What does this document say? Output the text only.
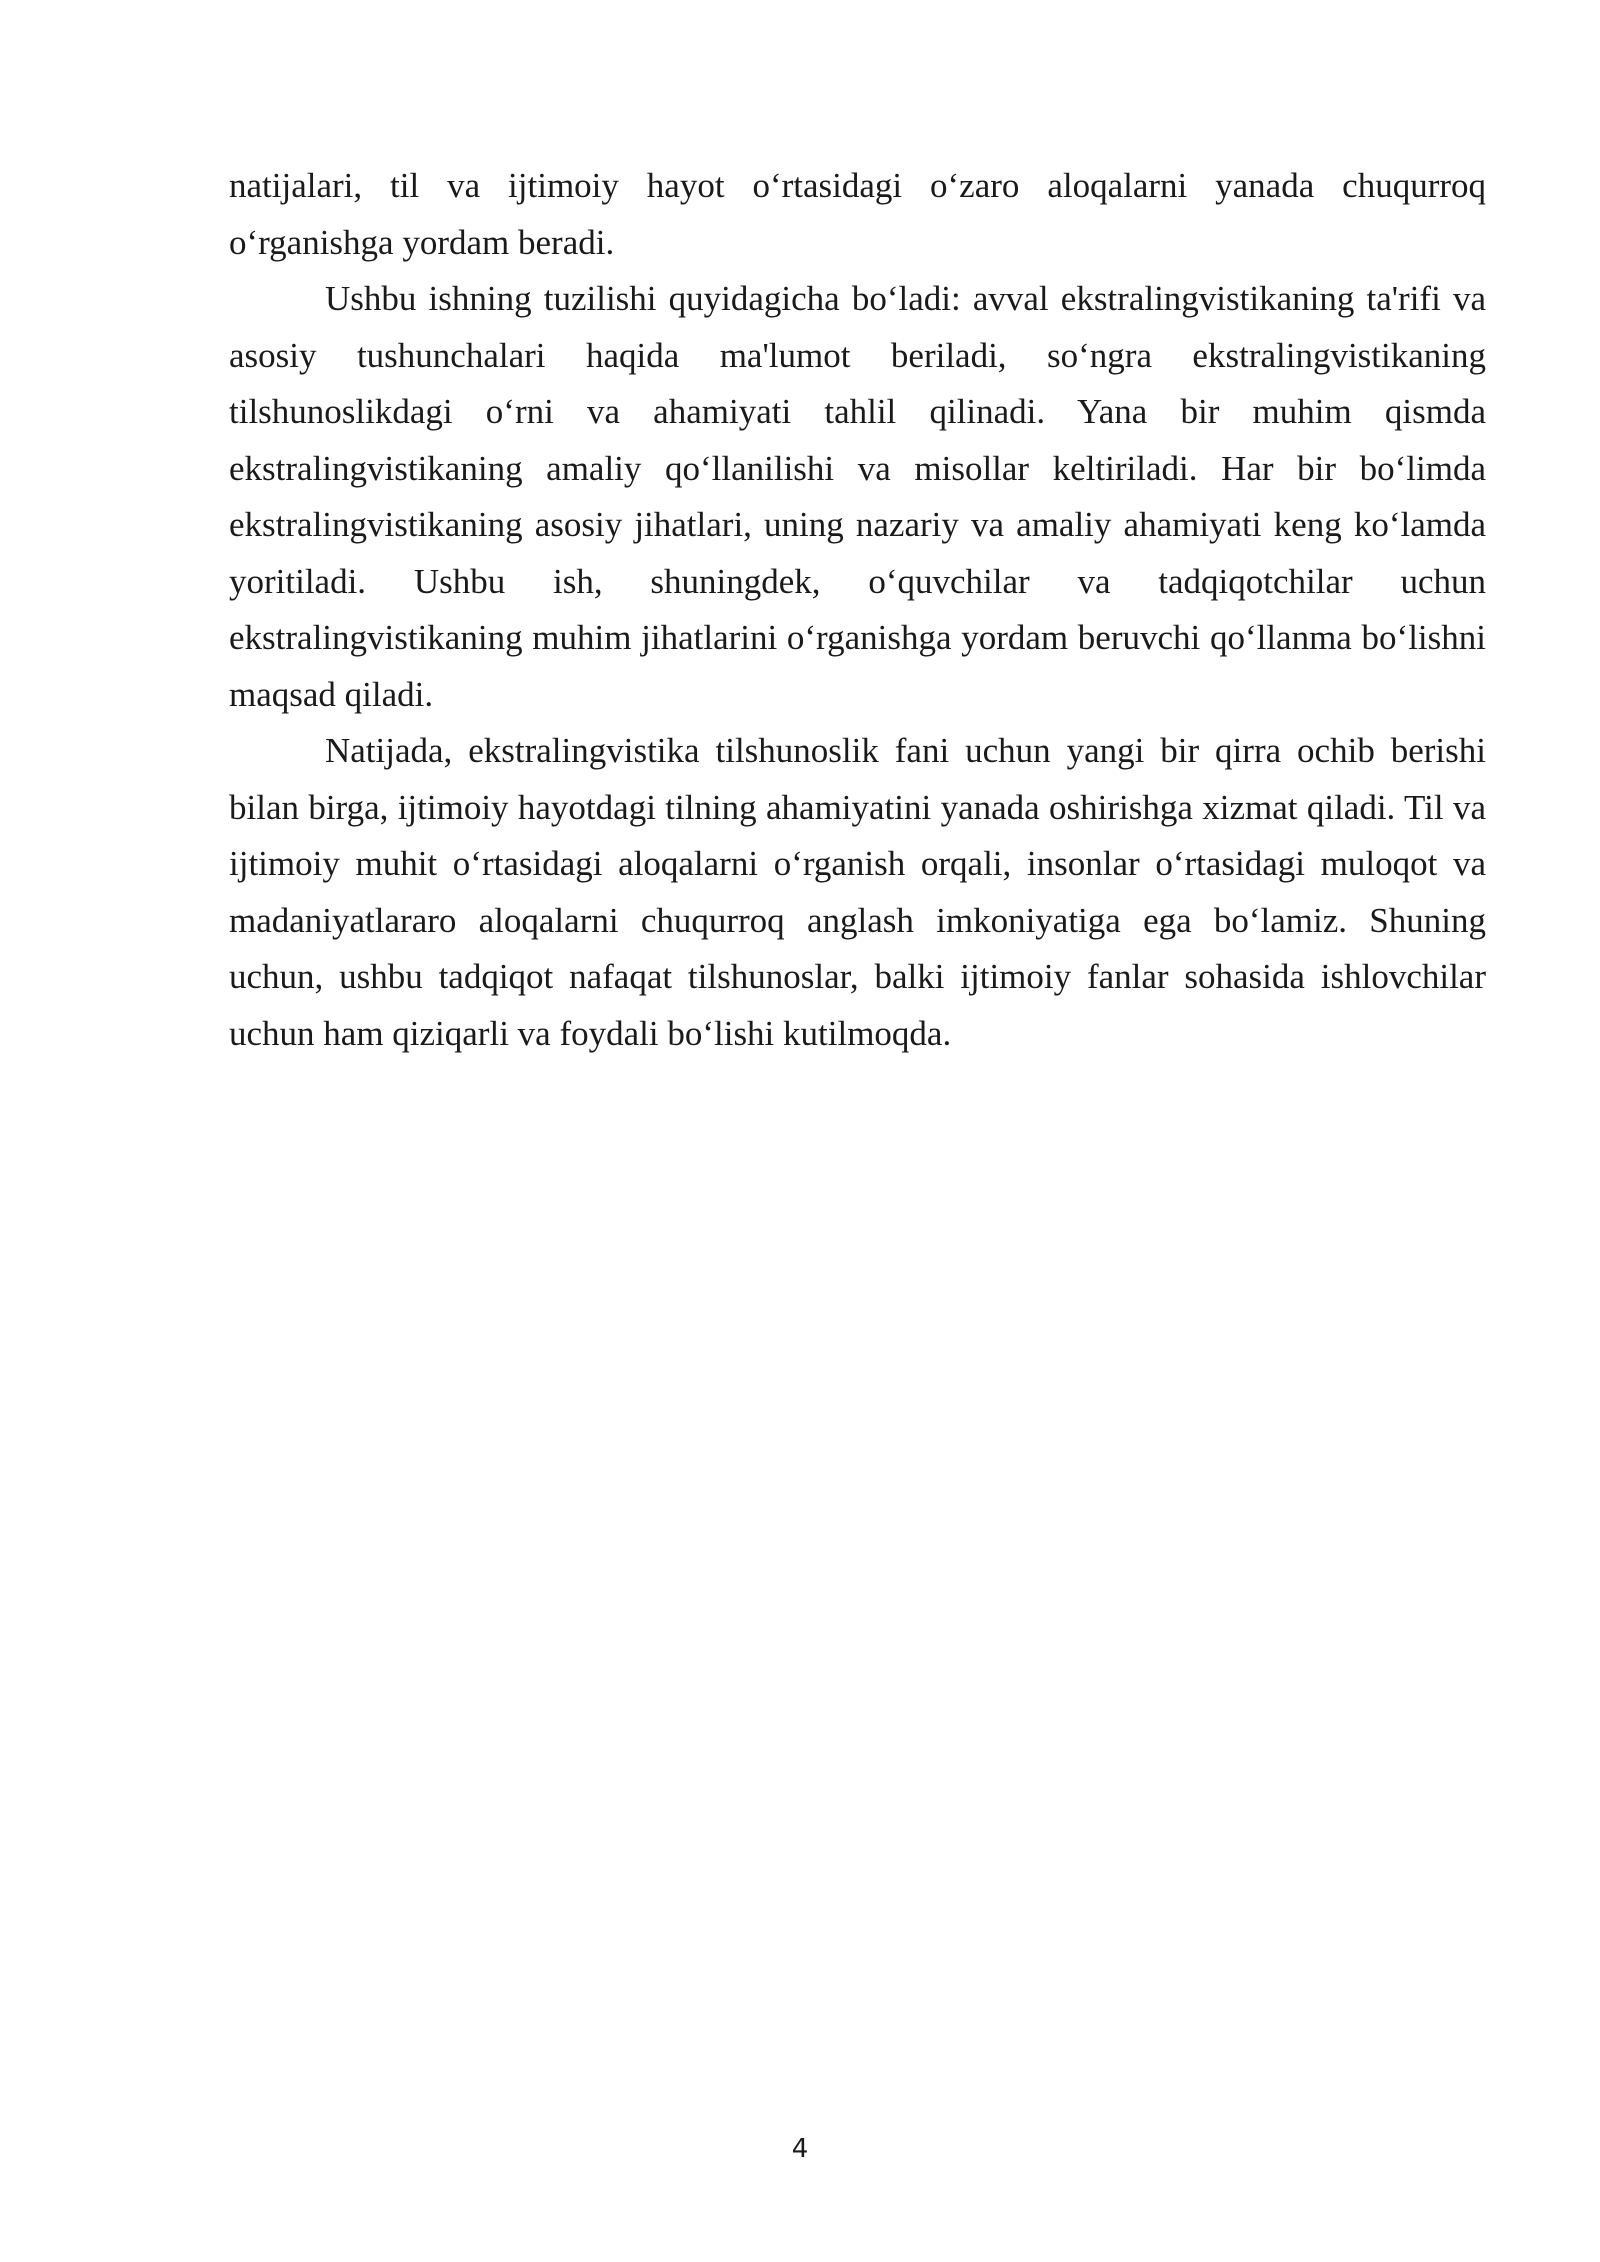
natijalari, til va ijtimoiy hayot o‘rtasidagi o‘zaro aloqalarni yanada chuqurroq o‘rganishga yordam beradi.

Ushbu ishning tuzilishi quyidagicha bo‘ladi: avval ekstralingvistikaning ta'rifi va asosiy tushunchalari haqida ma'lumot beriladi, so‘ngra ekstralingvistikaning tilshunoslikdagi o‘rni va ahamiyati tahlil qilinadi. Yana bir muhim qismda ekstralingvistikaning amaliy qo‘llanilishi va misollar keltiriladi. Har bir bo‘limda ekstralingvistikaning asosiy jihatlari, uning nazariy va amaliy ahamiyati keng ko‘lamda yoritiladi. Ushbu ish, shuningdek, o‘quvchilar va tadqiqotchilar uchun ekstralingvistikaning muhim jihatlarini o‘rganishga yordam beruvchi qo‘llanma bo‘lishni maqsad qiladi.

Natijada, ekstralingvistika tilshunoslik fani uchun yangi bir qirra ochib berishi bilan birga, ijtimoiy hayotdagi tilning ahamiyatini yanada oshirishga xizmat qiladi. Til va ijtimoiy muhit o‘rtasidagi aloqalarni o‘rganish orqali, insonlar o‘rtasidagi muloqot va madaniyatlararo aloqalarni chuqurroq anglash imkoniyatiga ega bo‘lamiz. Shuning uchun, ushbu tadqiqot nafaqat tilshunoslar, balki ijtimoiy fanlar sohasida ishlovchilar uchun ham qiziqarli va foydali bo‘lishi kutilmoqda.

4
